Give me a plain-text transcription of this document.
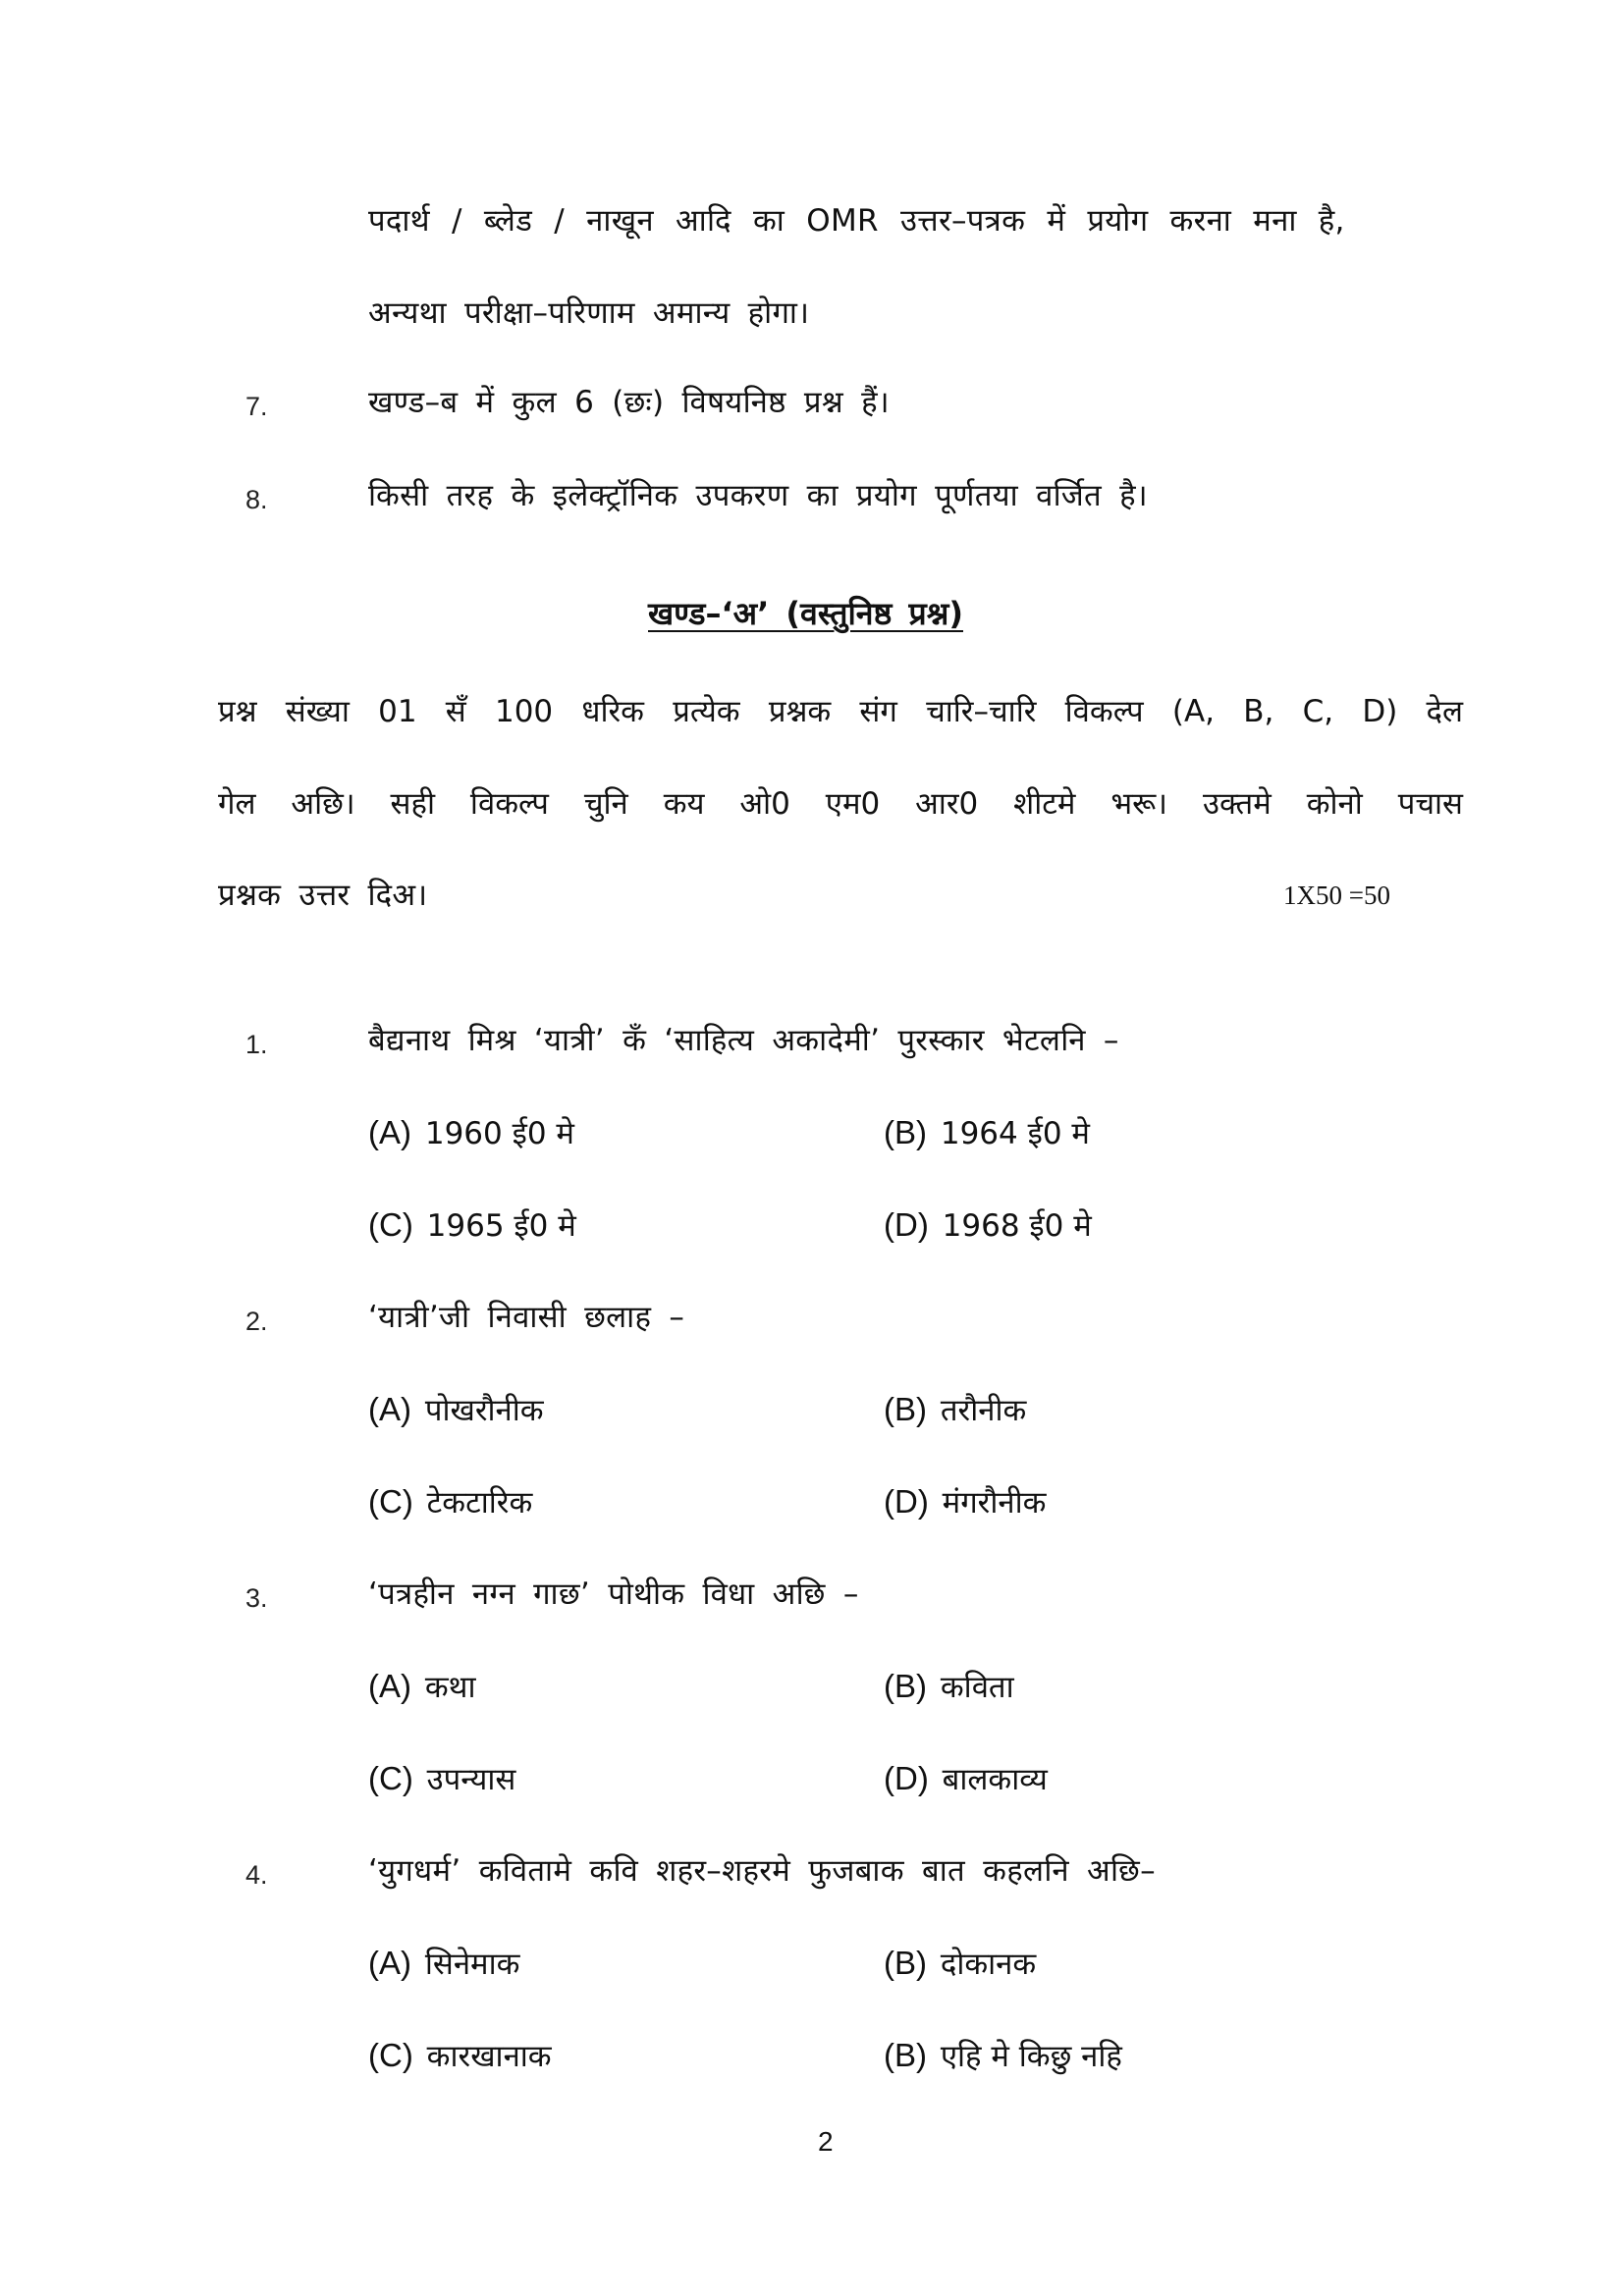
पदार्थ / ब्लेड / नाखून आदि का OMR उत्तर–पत्रक में प्रयोग करना मना है,
अन्यथा परीक्षा–परिणाम अमान्य होगा।
7.	खण्ड–ब में कुल 6 (छः) विषयनिष्ठ प्रश्न हैं।
8.	किसी तरह के इलेक्ट्रॉनिक उपकरण का प्रयोग पूर्णतया वर्जित है।
खण्ड–‘अ’ (वस्तुनिष्ठ प्रश्न)
प्रश्न संख्या 01 सँ 100 धरिक प्रत्येक प्रश्नक संग चारि–चारि विकल्प (A, B, C, D) देल
गेल अछि। सही विकल्प चुनि कय ओ0 एम0 आर0 शीटमे भरू। उक्तमे कोनो पचास
प्रश्नक उत्तर दिअ।	1X50 =50
1.	बैद्यनाथ मिश्र ‘यात्री’ कँ ‘साहित्य अकादेमी’ पुरस्कार भेटलनि –
(A) 1960 ई0 मे	(B) 1964 ई0 मे
(C) 1965 ई0 मे	(D) 1968 ई0 मे
2.	‘यात्री’जी निवासी छलाह –
(A) पोखरौनीक	(B) तरौनीक
(C) टेकटारिक	(D) मंगरौनीक
3.	‘पत्रहीन नग्न गाछ’ पोथीक विधा अछि –
(A) कथा	(B) कविता
(C) उपन्यास	(D) बालकाव्य
4.	‘युगधर्म’ कवितामे कवि शहर–शहरमे फुजबाक बात कहलनि अछि–
(A) सिनेमाक	(B) दोकानक
(C) कारखानाक	(B) एहि मे किछु नहि
2
